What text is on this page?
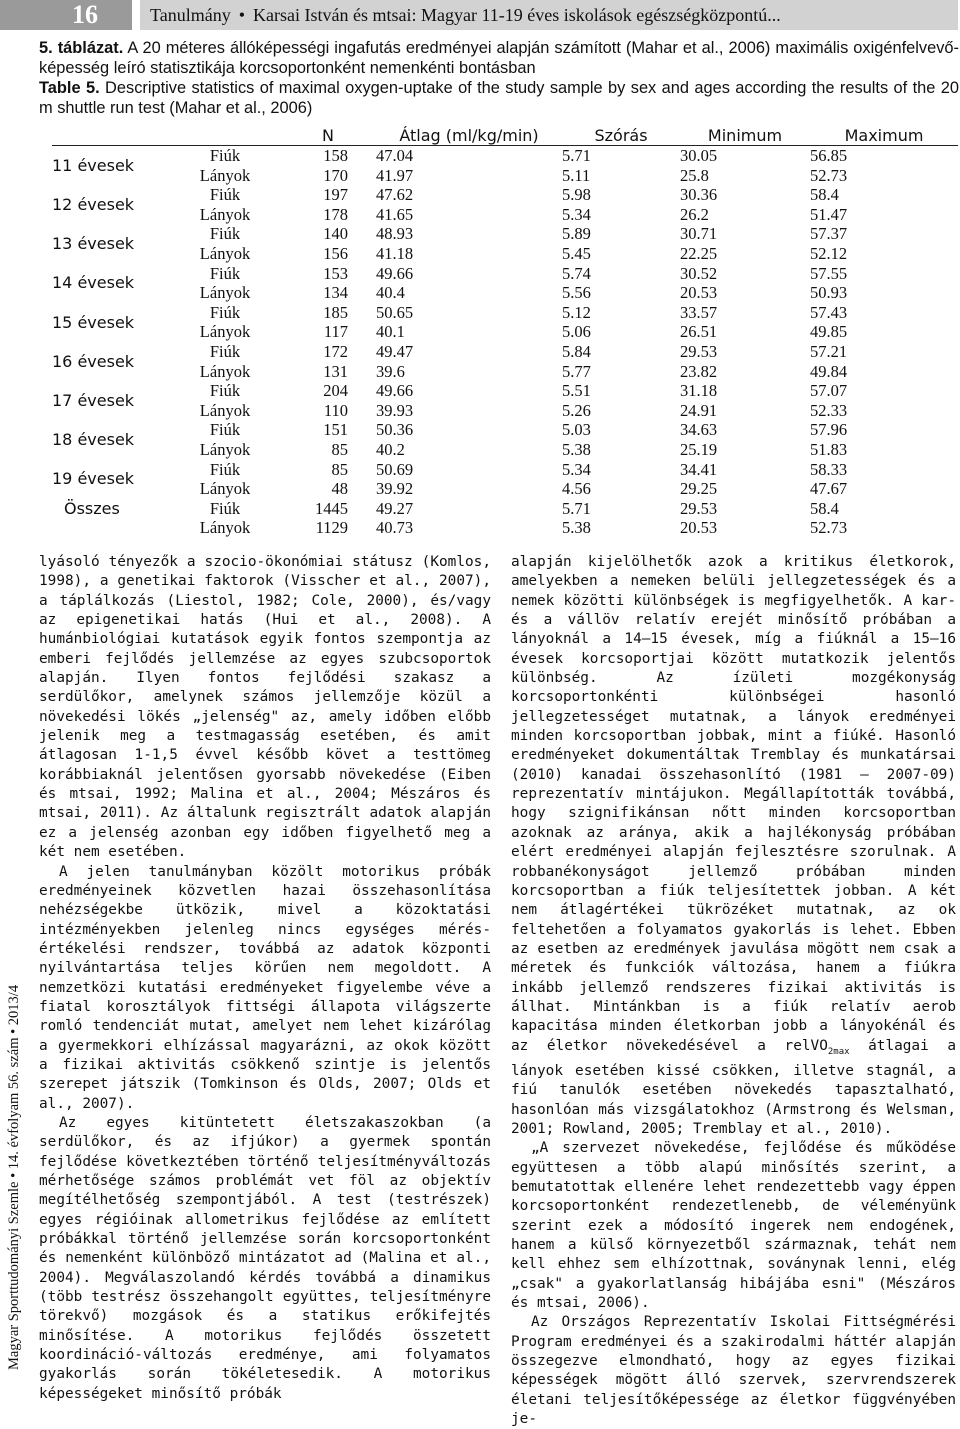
16	Tanulmány • Karsai István és mtsai: Magyar 11-19 éves iskolások egészségközpontú...
Magyar Sporttudományi Szemle • 14. évfolyam 56. szám • 2013/4

5. táblázat. A 20 méteres állóképességi ingafutás eredményei alapján számított (Mahar et al., 2006) maximális oxigénfelvevő-képesség leíró statisztikája korcsoportonként nemenkénti bontásban

Table 5. Descriptive statistics of maximal oxygen-uptake of the study sample by sex and ages according the results of the 20 m shuttle run test (Mahar et al., 2006)

		N	Átlag (ml/kg/min)	Szórás	Minimum	Maximum
11 évesek	Fiúk	158	47.04	5.71	30.05	56.85
	Lányok	170	41.97	5.11	25.8	52.73
12 évesek	Fiúk	197	47.62	5.98	30.36	58.4
	Lányok	178	41.65	5.34	26.2	51.47
13 évesek	Fiúk	140	48.93	5.89	30.71	57.37
	Lányok	156	41.18	5.45	22.25	52.12
14 évesek	Fiúk	153	49.66	5.74	30.52	57.55
	Lányok	134	40.4	5.56	20.53	50.93
15 évesek	Fiúk	185	50.65	5.12	33.57	57.43
	Lányok	117	40.1	5.06	26.51	49.85
16 évesek	Fiúk	172	49.47	5.84	29.53	57.21
	Lányok	131	39.6	5.77	23.82	49.84
17 évesek	Fiúk	204	49.66	5.51	31.18	57.07
	Lányok	110	39.93	5.26	24.91	52.33
18 évesek	Fiúk	151	50.36	5.03	34.63	57.96
	Lányok	85	40.2	5.38	25.19	51.83
19 évesek	Fiúk	85	50.69	5.34	34.41	58.33
	Lányok	48	39.92	4.56	29.25	47.67
Összes	Fiúk	1445	49.27	5.71	29.53	58.4
	Lányok	1129	40.73	5.38	20.53	52.73

lyásoló tényezők a szocio-ökonómiai státusz (Komlos, 1998), a genetikai faktorok (Visscher et al., 2007), a táplálkozás (Liestol, 1982; Cole, 2000), és/vagy az epigenetikai hatás (Hui et al., 2008). A humánbiológiai kutatások egyik fontos szempontja az emberi fejlődés jellemzése az egyes szubcsoportok alapján. Ilyen fontos fejlődési szakasz a serdülőkor, amelynek számos jellemzője közül a növekedési lökés „jelenség" az, amely időben előbb jelenik meg a testmagasság esetében, és amit átlagosan 1-1,5 évvel később követ a testtömeg korábbiaknál jelentősen gyorsabb növekedése (Eiben és mtsai, 1992; Malina et al., 2004; Mészáros és mtsai, 2011). Az általunk regisztrált adatok alapján ez a jelenség azonban egy időben figyelhető meg a két nem esetében.

A jelen tanulmányban közölt motorikus próbák eredményeinek közvetlen hazai összehasonlítása nehézségekbe ütközik, mivel a közoktatási intézményekben jelenleg nincs egységes mérés-értékelési rendszer, továbbá az adatok központi nyilvántartása teljes körűen nem megoldott. A nemzetközi kutatási eredményeket figyelembe véve a fiatal korosztályok fittségi állapota világszerte romló tendenciát mutat, amelyet nem lehet kizárólag a gyermekkori elhízással magyarázni, az okok között a fizikai aktivitás csökkenő szintje is jelentős szerepet játszik (Tomkinson és Olds, 2007; Olds et al., 2007).

Az egyes kitüntetett életszakaszokban (a serdülőkor, és az ifjúkor) a gyermek spontán fejlődése következtében történő teljesítményváltozás mérhetősége számos problémát vet föl az objektív megítélhetőség szempontjából. A test (testrészek) egyes régióinak allometrikus fejlődése az említett próbákkal történő jellemzése során korcsoportonként és nemenként különböző mintázatot ad (Malina et al., 2004). Megválaszolandó kérdés továbbá a dinamikus (több testrész összehangolt együttes, teljesítményre törekvő) mozgások és a statikus erőkifejtés minősítése. A motorikus fejlődés összetett koordináció-változás eredménye, ami folyamatos gyakorlás során tökéletesedik. A motorikus képességeket minősítő próbák

alapján kijelölhetők azok a kritikus életkorok, amelyekben a nemeken belüli jellegzetességek és a nemek közötti különbségek is megfigyelhetők. A kar- és a vállöv relatív erejét minősítő próbában a lányoknál a 14–15 évesek, míg a fiúknál a 15–16 évesek korcsoportjai között mutatkozik jelentős különbség. Az ízületi mozgékonyság korcsoportonkénti különbségei hasonló jellegzetességet mutatnak, a lányok eredményei minden korcsoportban jobbak, mint a fiúké. Hasonló eredményeket dokumentáltak Tremblay és munkatársai (2010) kanadai összehasonlító (1981 – 2007-09) reprezentatív mintájukon. Megállapították továbbá, hogy szignifikánsan nőtt minden korcsoportban azoknak az aránya, akik a hajlékonyság próbában elért eredményei alapján fejlesztésre szorulnak. A robbanékonyságot jellemző próbában minden korcsoportban a fiúk teljesítettek jobban. A két nem átlagértékei tükrözéket mutatnak, az ok feltehetően a folyamatos gyakorlás is lehet. Ebben az esetben az eredmények javulása mögött nem csak a méretek és funkciók változása, hanem a fiúkra inkább jellemző rendszeres fizikai aktivitás is állhat. Mintánkban is a fiúk relatív aerob kapacitása minden életkorban jobb a lányokénál és az életkor növekedésével a relVO$_{2max}$ átlagai a lányok esetében kissé csökken, illetve stagnál, a fiú tanulók esetében növekedés tapasztalható, hasonlóan más vizsgálatokhoz (Armstrong és Welsman, 2001; Rowland, 2005; Tremblay et al., 2010).

„A szervezet növekedése, fejlődése és működése együttesen a több alapú minősítés szerint, a bemutatottak ellenére lehet rendezettebb vagy éppen korcsoportonként rendezetlenebb, de véleményünk szerint ezek a módosító ingerek nem endogének, hanem a külső környezetből származnak, tehát nem kell ehhez sem elhízottnak, soványnak lenni, elég „csak" a gyakorlatlanság hibájába esni" (Mészáros és mtsai, 2006).

Az Országos Reprezentatív Iskolai Fittségmérési Program eredményei és a szakirodalmi háttér alapján összegezve elmondható, hogy az egyes fizikai képességek mögött álló szervek, szervrendszerek életani teljesítőképessége az életkor függvényében je-
